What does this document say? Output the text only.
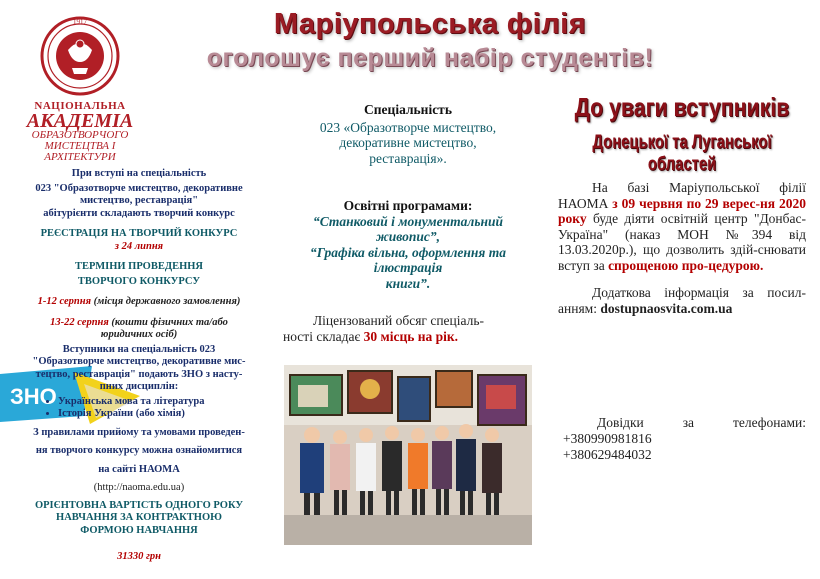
Маріупольська філія
оголошує перший набір студентів!
1917
NAЦІОНАЛЬНА
AКАДЕМІА
ОБРАЗОТВОРЧОГО
МИСТЕЦТВА І
АРХІТЕКТУРИ
ЗНО

При вступі на спеціальність

023 "Образотворче мистецтво, декоративне

мистецтво, реставрація"

абітурієнти складають творчий конкурс

РЕЄСТРАЦІЯ НА ТВОРЧИЙ КОНКУРС

з 24 липня

ТЕРМІНИ ПРОВЕДЕННЯ

ТВОРЧОГО КОНКУРСУ

1-12 серпня (місця державного замовлення)

13-22 серпня (кошти фізичних та/або

юридичних осіб)

Вступники на спеціальність 023

"Образотворче мистецтво, декоративне мис-

тецтво, реставрація" подають ЗНО з насту-

пних дисциплін:

• Українська мова та література
• Історія України (або хімія)

З правилами прийому та умовами проведен-

ня творчого конкурсу можна ознайомитися

на сайті НАОМА

(http://naoma.edu.ua)

ОРІЄНТОВНА ВАРТІСТЬ ОДНОГО РОКУ

НАВЧАННЯ ЗА КОНТРАКТНОЮ

ФОРМОЮ НАВЧАННЯ

31330 грн

Спеціальність

023 «Образотворче мистецтво,

декоративне мистецтво,

реставрація».

Освітні програмами:

“Станковий і монументальний

живопис”,

“Графіка вільна, оформлення та

ілюстрація

книги”.

Ліцензований обсяг спеціаль-

ності складає 30 місць на рік.

До уваги вступників
Донецької та Луганської областей

На базі Маріупольської філії НАОМА з 09 червня по 29 верес-ня 2020 року буде діяти освітній центр "Донбас-Україна" (наказ МОН №394 від 13.03.2020р.), що дозволить здій-снювати вступ за спрощеною про-цедурою.

Додаткова інформація за посил-анням: dostupnaosvita.com.ua

Довідки	за	телефонами:
+380990981816
+380629484032
